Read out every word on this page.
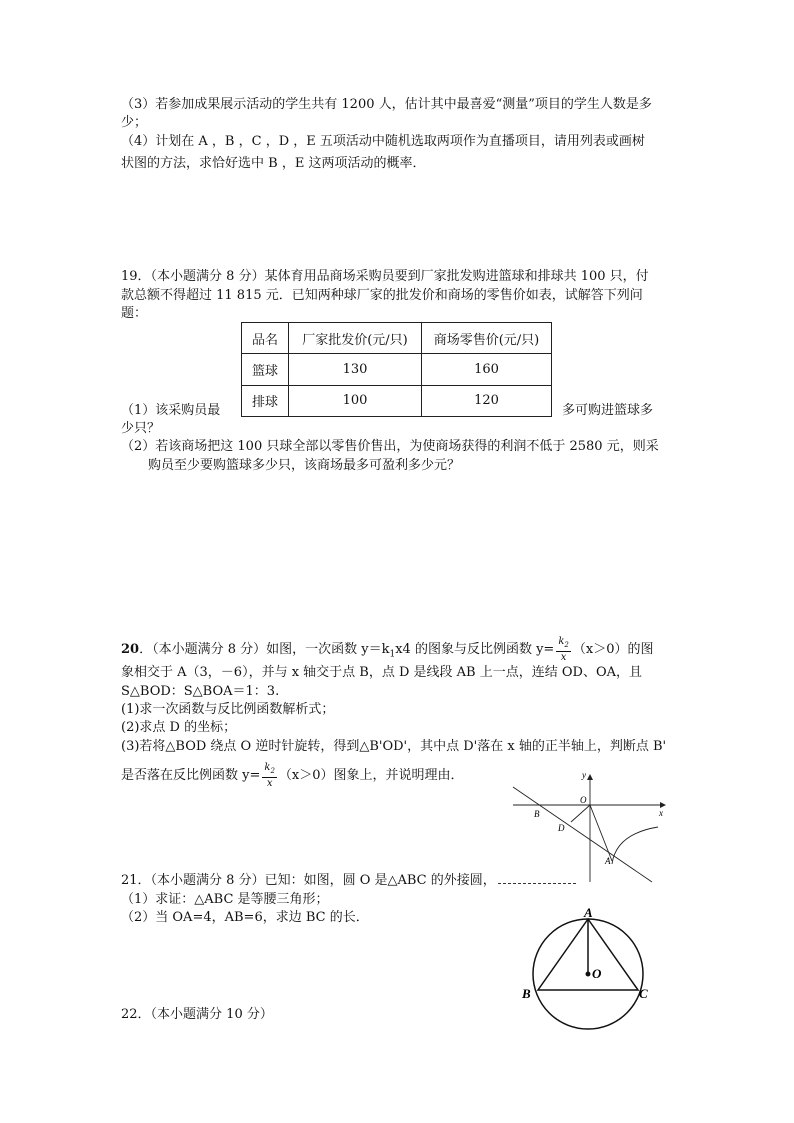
（3）若参加成果展示活动的学生共有 1200 人，估计其中最喜爱“测量”项目的学生人数是多
少；
（4）计划在 A ，B ，C ，D ，E 五项活动中随机选取两项作为直播项目，请用列表或画树
状图的方法，求恰好选中 B ，E 这两项活动的概率．
19．（本小题满分 8 分）某体育用品商场采购员要到厂家批发购进篮球和排球共 100 只，付
款总额不得超过 11 815 元．已知两种球厂家的批发价和商场的零售价如表，试解答下列问
题：
品名	厂家批发价(元/只)	商场零售价(元/只)
篮球	130	160
排球	100	120
（1）该采购员最	多可购进篮球多
少只？
（2）若该商场把这 100 只球全部以零售价售出，为使商场获得的利润不低于 2580 元，则采
购员至少要购篮球多少只，该商场最多可盈利多少元？
20．（本小题满分 8 分）如图，一次函数 $y=k_1x4$ 的图象与反比例函数 $y= \frac{k_2}{x} (x>0)$的图
象相交于 A（3，－6），并与 x 轴交于点 B，点 D 是线段 AB 上一点，连结 OD、OA，且
S△BOD：S△BOA＝1：3.
(1)求一次函数与反比例函数解析式；
(2)求点 D 的坐标；
(3)若将△BOD 绕点 O 逆时针旋转，得到△B'OD'，其中点 D'落在 x 轴的正半轴上，判断点 B'
是否落在反比例函数 $y= \frac{k_2}{x} (x>0)$图象上，并说明理由．	y
x
O
B
D
A
21．（本小题满分 8 分）已知：如图，圆 O 是△ABC 的外接圆，
（1）求证：△ABC 是等腰三角形；
（2）当 OA=4，AB=6，求边 BC 的长．	A
B	C
O
22．（本小题满分 10 分）
